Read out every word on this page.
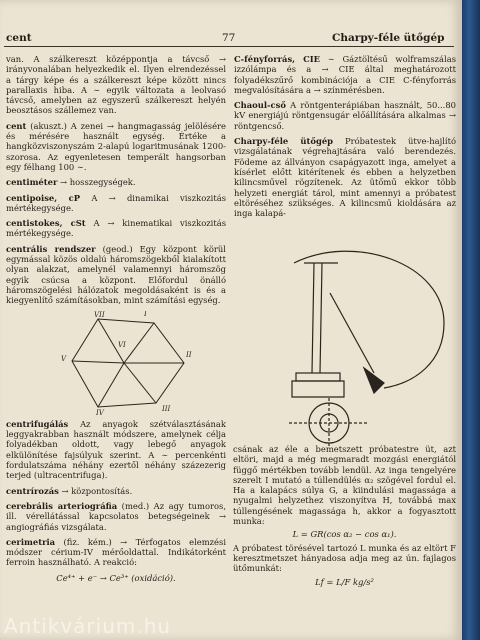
cent	77	Charpy-féle ütőgép
van. A szálkereszt középpontja a távcső → irányvonalában helyezkedik el. Ilyen elrendezéssel a tárgy képe és a szálkereszt képe között nincs parallaxis hiba. A ∼ egyik változata a leolvasó távcső, amelyben az egyszerű szálkereszt helyén beosztásos szállemez van.
cent (akuszt.) A zenei → hangmagasság jelölésére és mérésére használt egység. Értéke a hangközviszonyszám 2-alapú logaritmusának 1200-szorosa. Az egyenletesen temperált hangsorban egy félhang 100 ∼.
centiméter → hosszegységek.
centipoise, cP A → dinamikai viszkozitás mértékegysége.
centistokes, cSt A → kinematikai viszkozitás mértékegysége.
centrális rendszer (geod.) Egy központ körül egymással közös oldalú háromszögekből kialakított olyan alakzat, amelynél valamennyi háromszög egyik csúcsa a központ. Előfordul önálló háromszögelési hálózatok megoldásaként is és a kiegyenlítő számításokban, mint számítási egység.
VII	I
II
III
IV
V
VI
centrifugálás Az anyagok szétválasztásának leggyakrabban használt módszere, amelynek célja folyadékban oldott, vagy lebegő anyagok elkülönítése fajsúlyuk szerint. A ∼ percenkénti fordulatszáma néhány ezertől néhány százezerig terjed (ultracentrifuga).
centrírozás → központosítás.
cerebrális arteriográfia (med.) Az agy tumoros, ill. vérellátással kapcsolatos betegségeinek → angiográfiás vizsgálata.
cerimetria (fiz. kém.) → Térfogatos elemzési módszer cérium-IV mérőoldattal. Indikátorként ferroin használható. A reakció:
Ce⁴⁺ + e⁻ → Ce³⁺ (oxidáció).
C-fényforrás, CIE ∼ Gáztöltésű wolframszálas izzólámpa és a → CIE által meghatározott folyadékszűrő kombinációja a CIE C-fényforrás megvalósítására a → színmérésben.
Chaoul-cső A röntgenterápiában használt, 50...80 kV energiájú röntgensugár előállítására alkalmas → röntgencső.
Charpy-féle ütőgép Próbatestek ütve-hajlító vizsgálatának végrehajtására való berendezés. Födeme az állványon csapágyazott inga, amelyet a kísérlet előtt kitérítenek és ebben a helyzetben kilincsművel rögzítenek. Az ütőmű ekkor több helyzeti energiát tárol, mint amennyi a próbatest eltöréséhez szükséges. A kilincsmű kioldására az inga kalapá-
csának az éle a bemetszett próbatestre üt, azt eltöri, majd a még megmaradt mozgási energiától függő mértékben tovább lendül. Az inga tengelyére szerelt I mutató a túllendülés α₂ szögével fordul el. Ha a kalapács súlya G, a kiindulási magassága a nyugalmi helyzethez viszonyítva H, továbbá max túllengésének magassága h, akkor a fogyasztott munka:
L = GR(cos α₂ − cos α₁).
A próbatest törésével tartozó L munka és az eltört F keresztmetszet hányadosa adja meg az ún. fajlagos ütőmunkát:
Lf = L/F kg/s²
Antikvárium.hu
